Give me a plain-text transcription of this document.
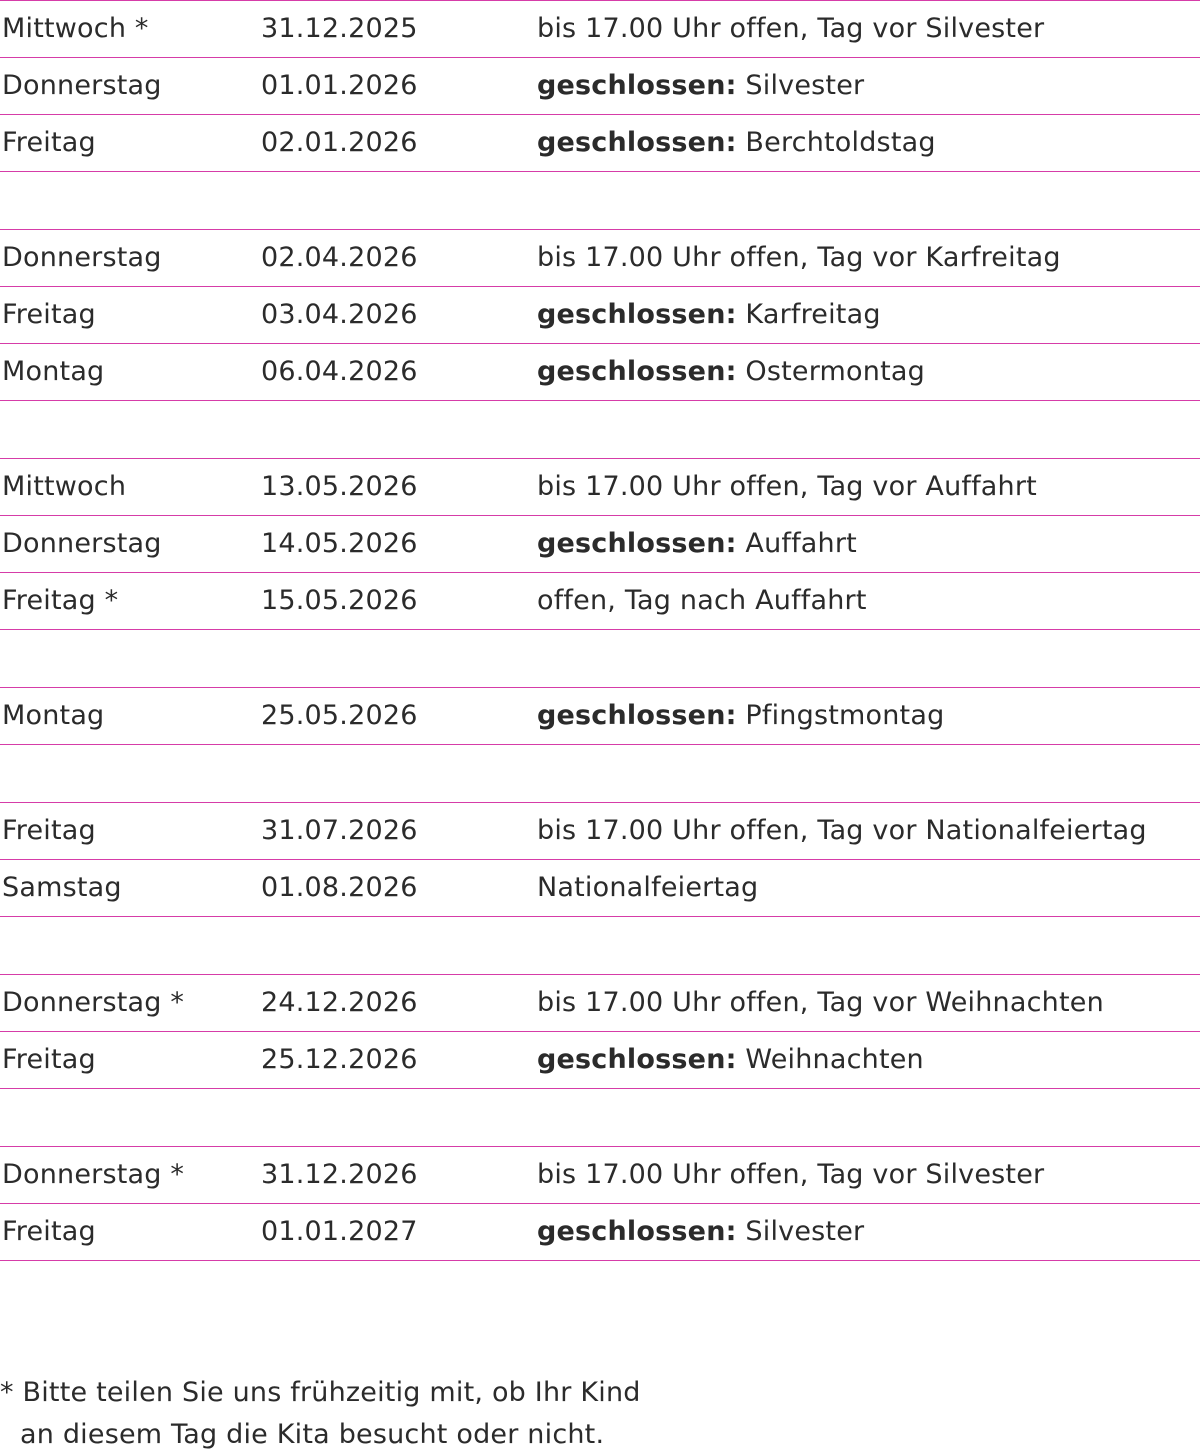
Mittwoch *	31.12.2025	bis 17.00 Uhr offen, Tag vor Silvester
Donnerstag	01.01.2026	geschlossen: Silvester
Freitag	02.01.2026	geschlossen: Berchtoldstag
Donnerstag	02.04.2026	bis 17.00 Uhr offen, Tag vor Karfreitag
Freitag	03.04.2026	geschlossen: Karfreitag
Montag	06.04.2026	geschlossen: Ostermontag
Mittwoch	13.05.2026	bis 17.00 Uhr offen, Tag vor Auffahrt
Donnerstag	14.05.2026	geschlossen: Auffahrt
Freitag *	15.05.2026	offen, Tag nach Auffahrt
Montag	25.05.2026	geschlossen: Pfingstmontag
Freitag	31.07.2026	bis 17.00 Uhr offen, Tag vor Nationalfeiertag
Samstag	01.08.2026	Nationalfeiertag
Donnerstag *	24.12.2026	bis 17.00 Uhr offen, Tag vor Weihnachten
Freitag	25.12.2026	geschlossen: Weihnachten
Donnerstag *	31.12.2026	bis 17.00 Uhr offen, Tag vor Silvester
Freitag	01.01.2027	geschlossen: Silvester
* Bitte teilen Sie uns frühzeitig mit, ob Ihr Kind
an diesem Tag die Kita besucht oder nicht.
